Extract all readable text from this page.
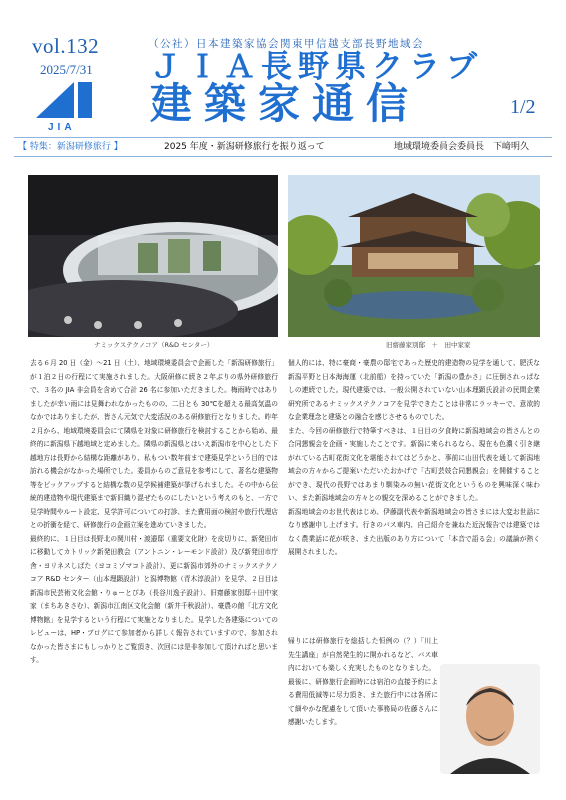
vol.132
2025/7/31
JIA
（公社）日本建築家協会関東甲信越支部長野地域会
ＪＩＡ長野県クラブ
建築家通信	1/2
【 特集：新潟研修旅行 】	2025 年度・新潟研修旅行を振り返って	地域環境委員会委員長　下﨑明久
ナミックステクノコア（R&D センター）	旧齋藤家別邸　＋　田中家家

去る６月 20 日（金）～21 日（土）、地域環境委員会で企画した「新潟研修旅行」が１泊２日の行程にて実施されました。大阪研修に続き２年ぶりの県外研修旅行で、３名の JIA 非会員を含めて合計 26 名に参加いただきました。梅雨時ではありましたが幸い雨には見舞われなかったものの、二日とも 30℃を超える最高気温のなかではありましたが、皆さん元気で大変活況のある研修旅行となりました。昨年２月から、地域環境委員会にて隣県を対象に研修旅行を検討することから始め、最終的に新潟県下越地域と定めました。隣県の新潟県とはいえ新潟市を中心とした下越地方は長野から結構な距離があり、私もつい数年前まで建築見学という目的では訪れる機会がなかった場所でした。委員からのご意見を参考にして、著名な建築物等をピックアップすると結構な数の見学候補建築が挙げられました。その中から伝統的建造物や現代建築まで新旧織り混ぜたものにしたいという考えのもと、一方で見学時間やルート設定、見学許可についての打診、また費用面の検討や旅行代理店との折衝を経て、研修旅行の企画立案を進めていきました。

最終的に、１日目は長野北の関川村・渡邉邸（重要文化財）を皮切りに、新発田市に移動してカトリック新発田教会（アントニン・レーモンド設計）及び新発田市庁舎・ヨリネスしばた（ヨコミゾマコト設計）、更に新潟市郊外のナミックステクノコア R&D センター（山本理顕設計）と潟博物館（青木淳設計）を見学、２日目は新潟市民芸術文化会館・りゅーとぴあ（長谷川逸子設計）、旧齋藤家別邸＋田中家家（まちあきさむ）、新潟市江南区文化会館（新井千秋設計）、豪農の館「北方文化博物館」を見学するという行程にて実施となりました。見学した各建築についてのレビューは、HP・ブログにて参加者から詳しく報告されていますので、参加されなかった皆さまにもしっかりとご覧頂き、次回には是非参加して頂ければと思います。

個人的には、特に豪商・豪農の邸宅であった歴史的建造物の見学を通して、肥沃な新潟平野と日本海海運（北前船）を持っていた「新潟の豊かさ」に圧倒されっぱなしの連続でした。現代建築では、一般公開されていない山本理顕氏設計の民間企業研究所であるナミックステクノコアを見学できたことは非常にラッキーで、意欲的な企業理念と建築との融合を感じさせるものでした。

また、今回の研修旅行で特筆すべきは、１日目の夕食時に新潟地域会の皆さんとの合同懇親会を企画・実施したことです。新潟に来られるなら、現在も色濃く引き継がれている古町花街文化を堪能されてはどうかと、事前に山田代表を通して新潟地域会の方々からご提案いただいたおかげで「古町芸妓合同懇親会」を開催することができ、現代の長野ではあまり馴染みの無い花街文化というものを興味深く味わい、また新潟地域会の方々との親交を深めることができました。

新潟地域会のお世代表はじめ、伊藤副代表や新潟地域会の皆さまには大変お世話になり感謝申し上げます。行きのバス車内、自己紹介を兼ねた近況報告では建築ではなく農業話に花が咲き、また出版のあり方について「本音で語る会」の議論が熱く展開されました。

帰りには研修旅行を総括した恒例の（？）「川上先生講座」が自然発生的に開かれるなど、バス車内においても楽しく充実したものとなりました。

最後に、研修旅行企画時には宿泊の直接予約による費用低減等に尽力頂き、また旅行中には各所にて細やかな配慮をして頂いた事務局の佐藤さんに感謝いたします。
